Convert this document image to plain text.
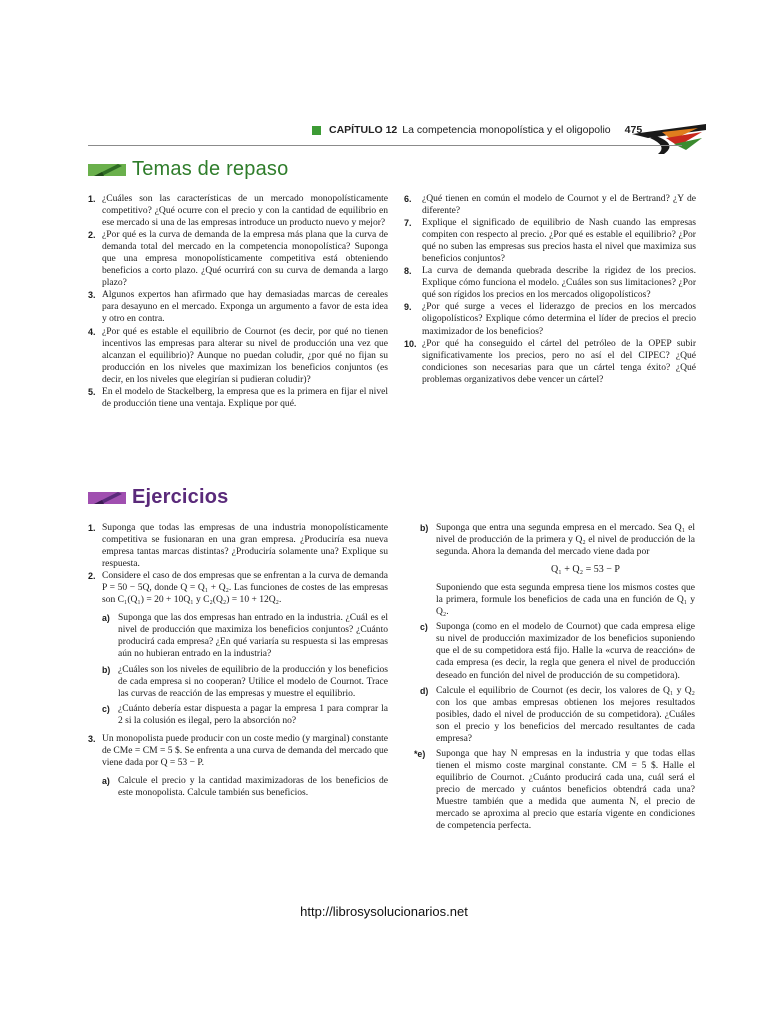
CAPÍTULO 12 La competencia monopolística y el oligopolio 475
Temas de repaso
1. ¿Cuáles son las características de un mercado monopolísticamente competitivo? ¿Qué ocurre con el precio y con la cantidad de equilibrio en ese mercado si una de las empresas introduce un producto nuevo y mejor?
2. ¿Por qué es la curva de demanda de la empresa más plana que la curva de demanda total del mercado en la competencia monopolística? Suponga que una empresa monopolísticamente competitiva está obteniendo beneficios a corto plazo. ¿Qué ocurrirá con su curva de demanda a largo plazo?
3. Algunos expertos han afirmado que hay demasiadas marcas de cereales para desayuno en el mercado. Exponga un argumento a favor de esta idea y otro en contra.
4. ¿Por qué es estable el equilibrio de Cournot (es decir, por qué no tienen incentivos las empresas para alterar su nivel de producción una vez que alcanzan el equilibrio)? Aunque no puedan coludir, ¿por qué no fijan su producción en los niveles que maximizan los beneficios conjuntos (es decir, en los niveles que elegirían si pudieran coludir)?
5. En el modelo de Stackelberg, la empresa que es la primera en fijar el nivel de producción tiene una ventaja. Explique por qué.
6. ¿Qué tienen en común el modelo de Cournot y el de Bertrand? ¿Y de diferente?
7. Explique el significado de equilibrio de Nash cuando las empresas compiten con respecto al precio. ¿Por qué es estable el equilibrio? ¿Por qué no suben las empresas sus precios hasta el nivel que maximiza sus beneficios conjuntos?
8. La curva de demanda quebrada describe la rigidez de los precios. Explique cómo funciona el modelo. ¿Cuáles son sus limitaciones? ¿Por qué son rígidos los precios en los mercados oligopolísticos?
9. ¿Por qué surge a veces el liderazgo de precios en los mercados oligopolísticos? Explique cómo determina el líder de precios el precio maximizador de los beneficios?
10. ¿Por qué ha conseguido el cártel del petróleo de la OPEP subir significativamente los precios, pero no así el del CIPEC? ¿Qué condiciones son necesarias para que un cártel tenga éxito? ¿Qué problemas organizativos debe vencer un cártel?
Ejercicios
1. Suponga que todas las empresas de una industria monopolísticamente competitiva se fusionaran en una gran empresa. ¿Produciría esa nueva empresa tantas marcas distintas? ¿Produciría solamente una? Explique su respuesta.
2. Considere el caso de dos empresas que se enfrentan a la curva de demanda P = 50 − 5Q, donde Q = Q₁ + Q₂. Las funciones de costes de las empresas son C₁(Q₁) = 20 + 10Q₁ y C₂(Q₂) = 10 + 12Q₂.
a) Suponga que las dos empresas han entrado en la industria. ¿Cuál es el nivel de producción que maximiza los beneficios conjuntos? ¿Cuánto producirá cada empresa? ¿En qué variaría su respuesta si las empresas aún no hubieran entrado en la industria?
b) ¿Cuáles son los niveles de equilibrio de la producción y los beneficios de cada empresa si no cooperan? Utilice el modelo de Cournot. Trace las curvas de reacción de las empresas y muestre el equilibrio.
c) ¿Cuánto debería estar dispuesta a pagar la empresa 1 para comprar la 2 si la colusión es ilegal, pero la absorción no?
3. Un monopolista puede producir con un coste medio (y marginal) constante de CMe = CM = 5 $. Se enfrenta a una curva de demanda del mercado que viene dada por Q = 53 − P.
a) Calcule el precio y la cantidad maximizadoras de los beneficios de este monopolista. Calcule también sus beneficios.
b) Suponga que entra una segunda empresa en el mercado. Sea Q₁ el nivel de producción de la primera y Q₂ el nivel de producción de la segunda. Ahora la demanda del mercado viene dada por
Q₁ + Q₂ = 53 − P
Suponiendo que esta segunda empresa tiene los mismos costes que la primera, formule los beneficios de cada una en función de Q₁ y Q₂.
c) Suponga (como en el modelo de Cournot) que cada empresa elige su nivel de producción maximizador de los beneficios suponiendo que el de su competidora está fijo. Halle la «curva de reacción» de cada empresa (es decir, la regla que genera el nivel de producción deseado en función del nivel de producción de su competidora).
d) Calcule el equilibrio de Cournot (es decir, los valores de Q₁ y Q₂ con los que ambas empresas obtienen los mejores resultados posibles, dado el nivel de producción de su competidora). ¿Cuáles son el precio y los beneficios del mercado resultantes de cada empresa?
*e) Suponga que hay N empresas en la industria y que todas ellas tienen el mismo coste marginal constante. CM = 5 $. Halle el equilibrio de Cournot. ¿Cuánto producirá cada una, cuál será el precio de mercado y cuántos beneficios obtendrá cada una? Muestre también que a medida que aumenta N, el precio de mercado se aproxima al precio que estaría vigente en condiciones de competencia perfecta.
http://librosysolucionarios.net
